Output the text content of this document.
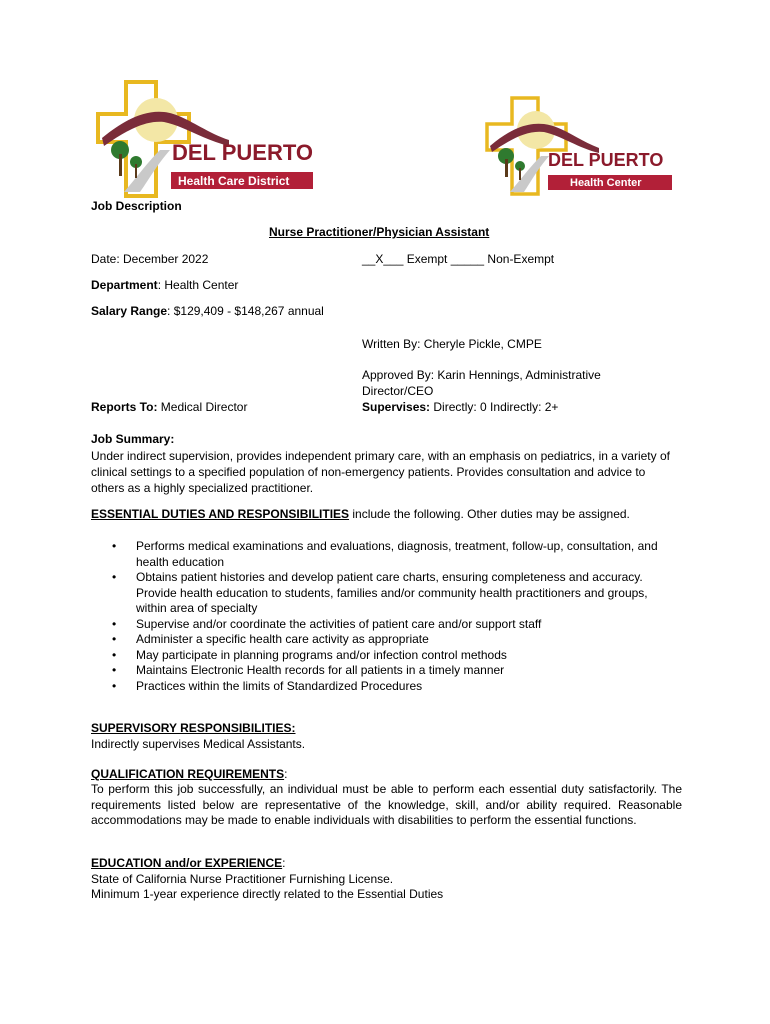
DEL PUERTO
Health Care District
DEL PUERTO
Health Center
Job Description
Nurse Practitioner/Physician Assistant
Date: December 2022	__X___ Exempt _____ Non-Exempt
Department: Health Center
Salary Range: $129,409 - $148,267 annual
Written By: Cheryle Pickle, CMPE
Approved By: Karin Hennings, Administrative
Director/CEO
Reports To: Medical Director	Supervises: Directly: 0 Indirectly: 2+
Job Summary:
Under indirect supervision, provides independent primary care, with an emphasis on pediatrics, in a variety of
clinical settings to a specified population of non-emergency patients. Provides consultation and advice to
others as a highly specialized practitioner.
ESSENTIAL DUTIES AND RESPONSIBILITIES include the following. Other duties may be assigned.
• Performs medical examinations and evaluations, diagnosis, treatment, follow-up, consultation, and health education
• Obtains patient histories and develop patient care charts, ensuring completeness and accuracy. Provide health education to students, families and/or community health practitioners and groups, within area of specialty
• Supervise and/or coordinate the activities of patient care and/or support staff
• Administer a specific health care activity as appropriate
• May participate in planning programs and/or infection control methods
• Maintains Electronic Health records for all patients in a timely manner
• Practices within the limits of Standardized Procedures
SUPERVISORY RESPONSIBILITIES:
Indirectly supervises Medical Assistants.
QUALIFICATION REQUIREMENTS:
To perform this job successfully, an individual must be able to perform each essential duty satisfactorily. The requirements listed below are representative of the knowledge, skill, and/or ability required. Reasonable accommodations may be made to enable individuals with disabilities to perform the essential functions.
EDUCATION and/or EXPERIENCE:
State of California Nurse Practitioner Furnishing License.
Minimum 1-year experience directly related to the Essential Duties
